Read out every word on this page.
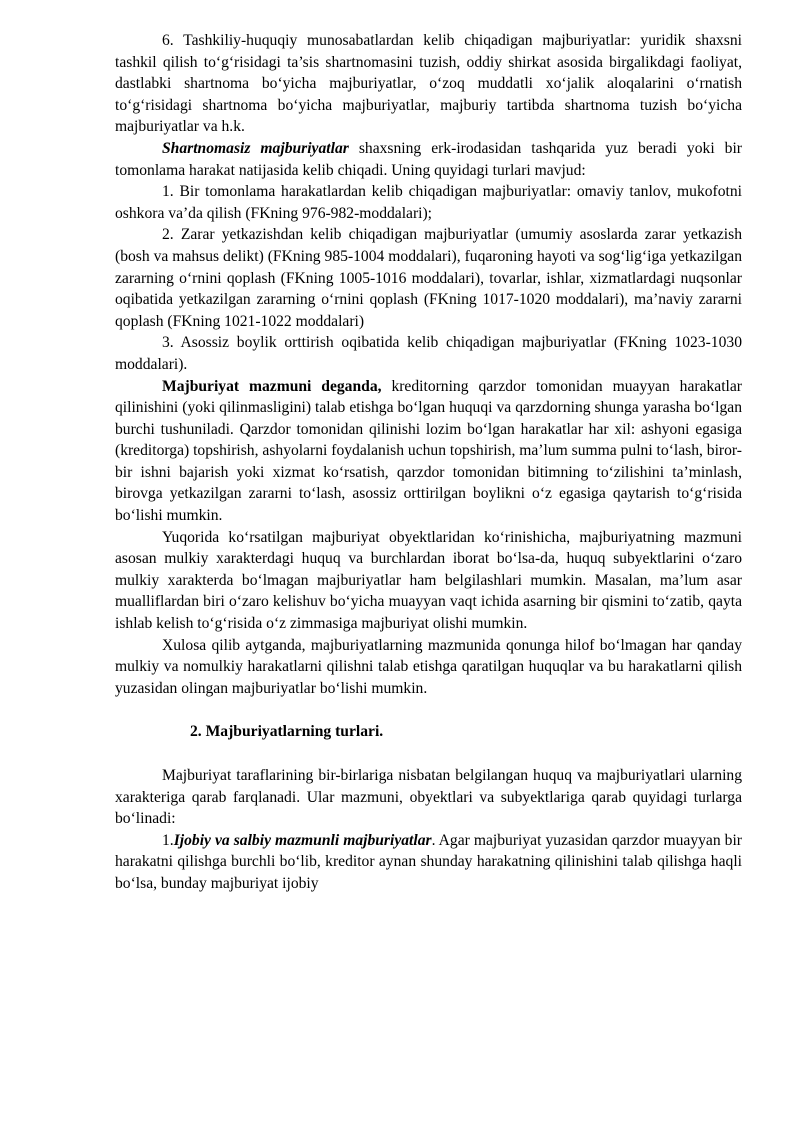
6. Tashkiliy-huquqiy munosabatlardan kelib chiqadigan majburiyatlar: yuridik shaxsni tashkil qilish to‘g‘risidagi ta’sis shartnomasini tuzish, oddiy shirkat asosida birgalikdagi faoliyat, dastlabki shartnoma bo‘yicha majburiyatlar, o‘zoq muddatli xo‘jalik aloqalarini o‘rnatish to‘g‘risidagi shartnoma bo‘yicha majburiyatlar, majburiy tartibda shartnoma tuzish bo‘yicha majburiyatlar va h.k.

Shartnomasiz majburiyatlar shaxsning erk-irodasidan tashqarida yuz beradi yoki bir tomonlama harakat natijasida kelib chiqadi. Uning quyidagi turlari mavjud:

1. Bir tomonlama harakatlardan kelib chiqadigan majburiyatlar: omaviy tanlov, mukofotni oshkora va’da qilish (FKning 976-982-moddalari);

2. Zarar yetkazishdan kelib chiqadigan majburiyatlar (umumiy asoslarda zarar yetkazish (bosh va mahsus delikt) (FKning 985-1004 moddalari), fuqaroning hayoti va sog‘lig‘iga yetkazilgan zararning o‘rnini qoplash (FKning 1005-1016 moddalari), tovarlar, ishlar, xizmatlardagi nuqsonlar oqibatida yetkazilgan zararning o‘rnini qoplash (FKning 1017-1020 moddalari), ma’naviy zararni qoplash (FKning 1021-1022 moddalari)

3. Asossiz boylik orttirish oqibatida kelib chiqadigan majburiyatlar (FKning 1023-1030 moddalari).

Majburiyat mazmuni deganda, kreditorning qarzdor tomonidan muayyan harakatlar qilinishini (yoki qilinmasligini) talab etishga bo‘lgan huquqi va qarzdorning shunga yarasha bo‘lgan burchi tushuniladi. Qarzdor tomonidan qilinishi lozim bo‘lgan harakatlar har xil: ashyoni egasiga (kreditorga) topshirish, ashyolarni foydalanish uchun topshirish, ma’lum summa pulni to‘lash, biror-bir ishni bajarish yoki xizmat ko‘rsatish, qarzdor tomonidan bitimning to‘zilishini ta’minlash, birovga yetkazilgan zararni to‘lash, asossiz orttirilgan boylikni o‘z egasiga qaytarish to‘g‘risida bo‘lishi mumkin.

Yuqorida ko‘rsatilgan majburiyat obyektlaridan ko‘rinishicha, majburiyatning mazmuni asosan mulkiy xarakterdagi huquq va burchlardan iborat bo‘lsa-da, huquq subyektlarini o‘zaro mulkiy xarakterda bo‘lmagan majburiyatlar ham belgilashlari mumkin. Masalan, ma’lum asar mualliflardan biri o‘zaro kelishuv bo‘yicha muayyan vaqt ichida asarning bir qismini to‘zatib, qayta ishlab kelish to‘g‘risida o‘z zimmasiga majburiyat olishi mumkin.

Xulosa qilib aytganda, majburiyatlarning mazmunida qonunga hilof bo‘lmagan har qanday mulkiy va nomulkiy harakatlarni qilishni talab etishga qaratilgan huquqlar va bu harakatlarni qilish yuzasidan olingan majburiyatlar bo‘lishi mumkin.

2. Majburiyatlarning turlari.

Majburiyat taraflarining bir-birlariga nisbatan belgilangan huquq va majburiyatlari ularning xarakteriga qarab farqlanadi. Ular mazmuni, obyektlari va subyektlariga qarab quyidagi turlarga bo‘linadi:

1.Ijobiy va salbiy mazmunli majburiyatlar. Agar majburiyat yuzasidan qarzdor muayyan bir harakatni qilishga burchli bo‘lib, kreditor aynan shunday harakatning qilinishini talab qilishga haqli bo‘lsa, bunday majburiyat ijobiy
